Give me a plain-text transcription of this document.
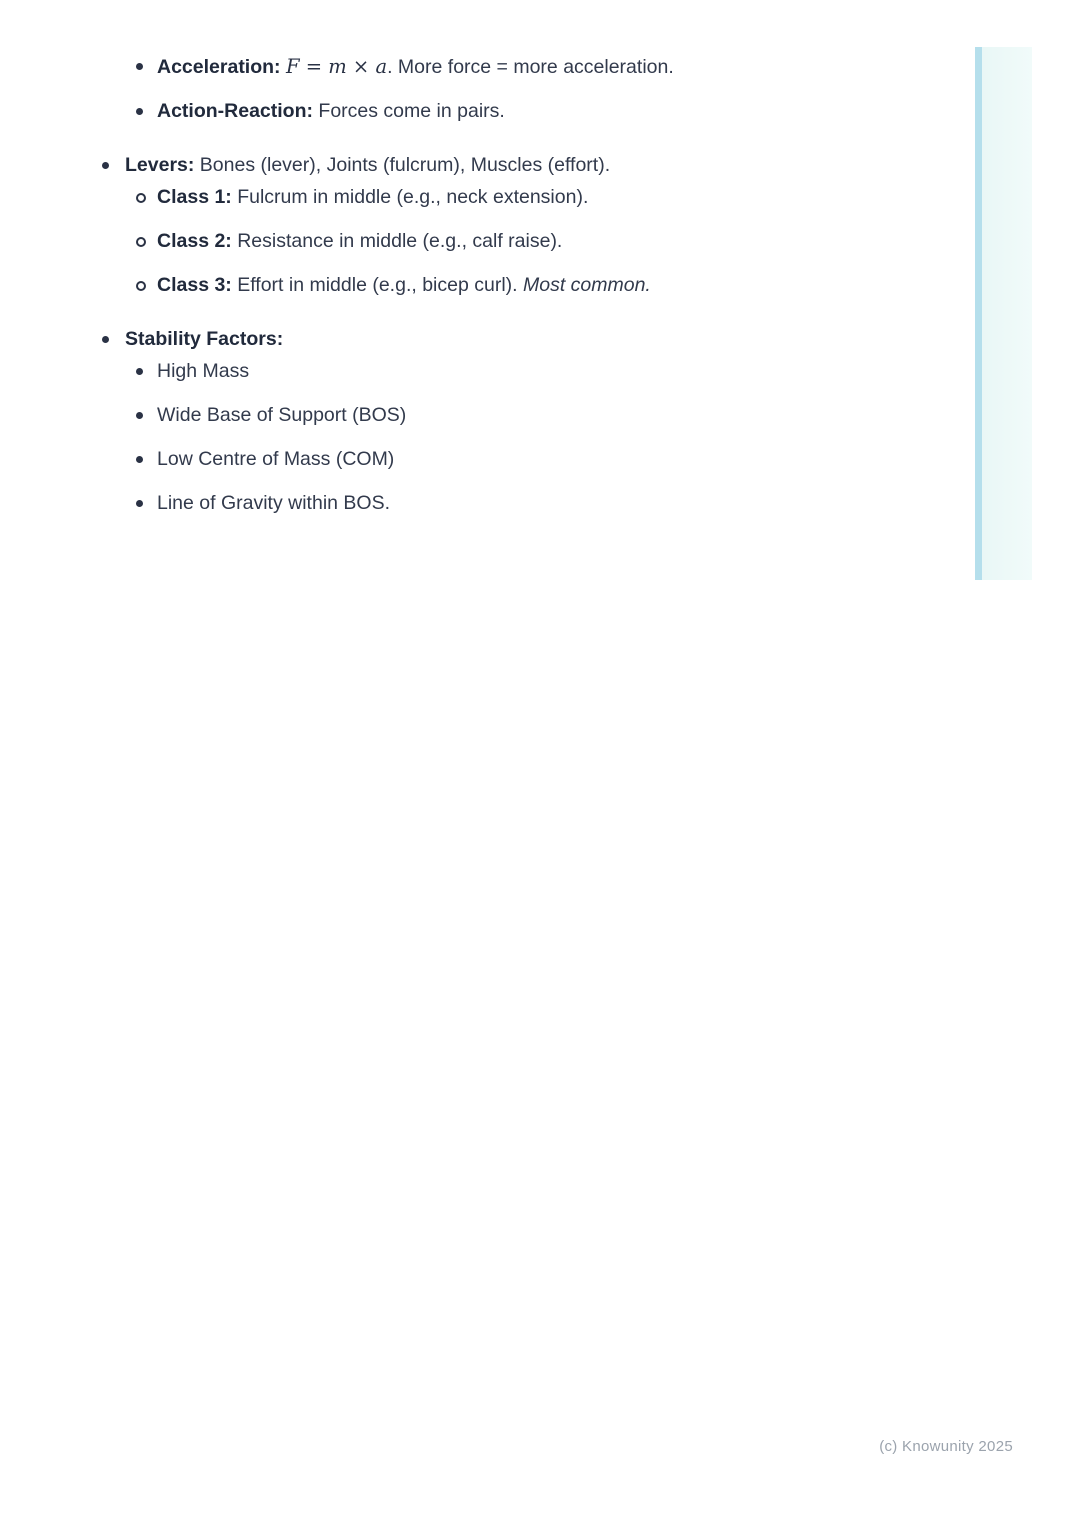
Acceleration: F = m × a. More force = more acceleration.
Action-Reaction: Forces come in pairs.
Levers: Bones (lever), Joints (fulcrum), Muscles (effort).
Class 1: Fulcrum in middle (e.g., neck extension).
Class 2: Resistance in middle (e.g., calf raise).
Class 3: Effort in middle (e.g., bicep curl). Most common.
Stability Factors:
High Mass
Wide Base of Support (BOS)
Low Centre of Mass (COM)
Line of Gravity within BOS.
(c) Knowunity 2025
